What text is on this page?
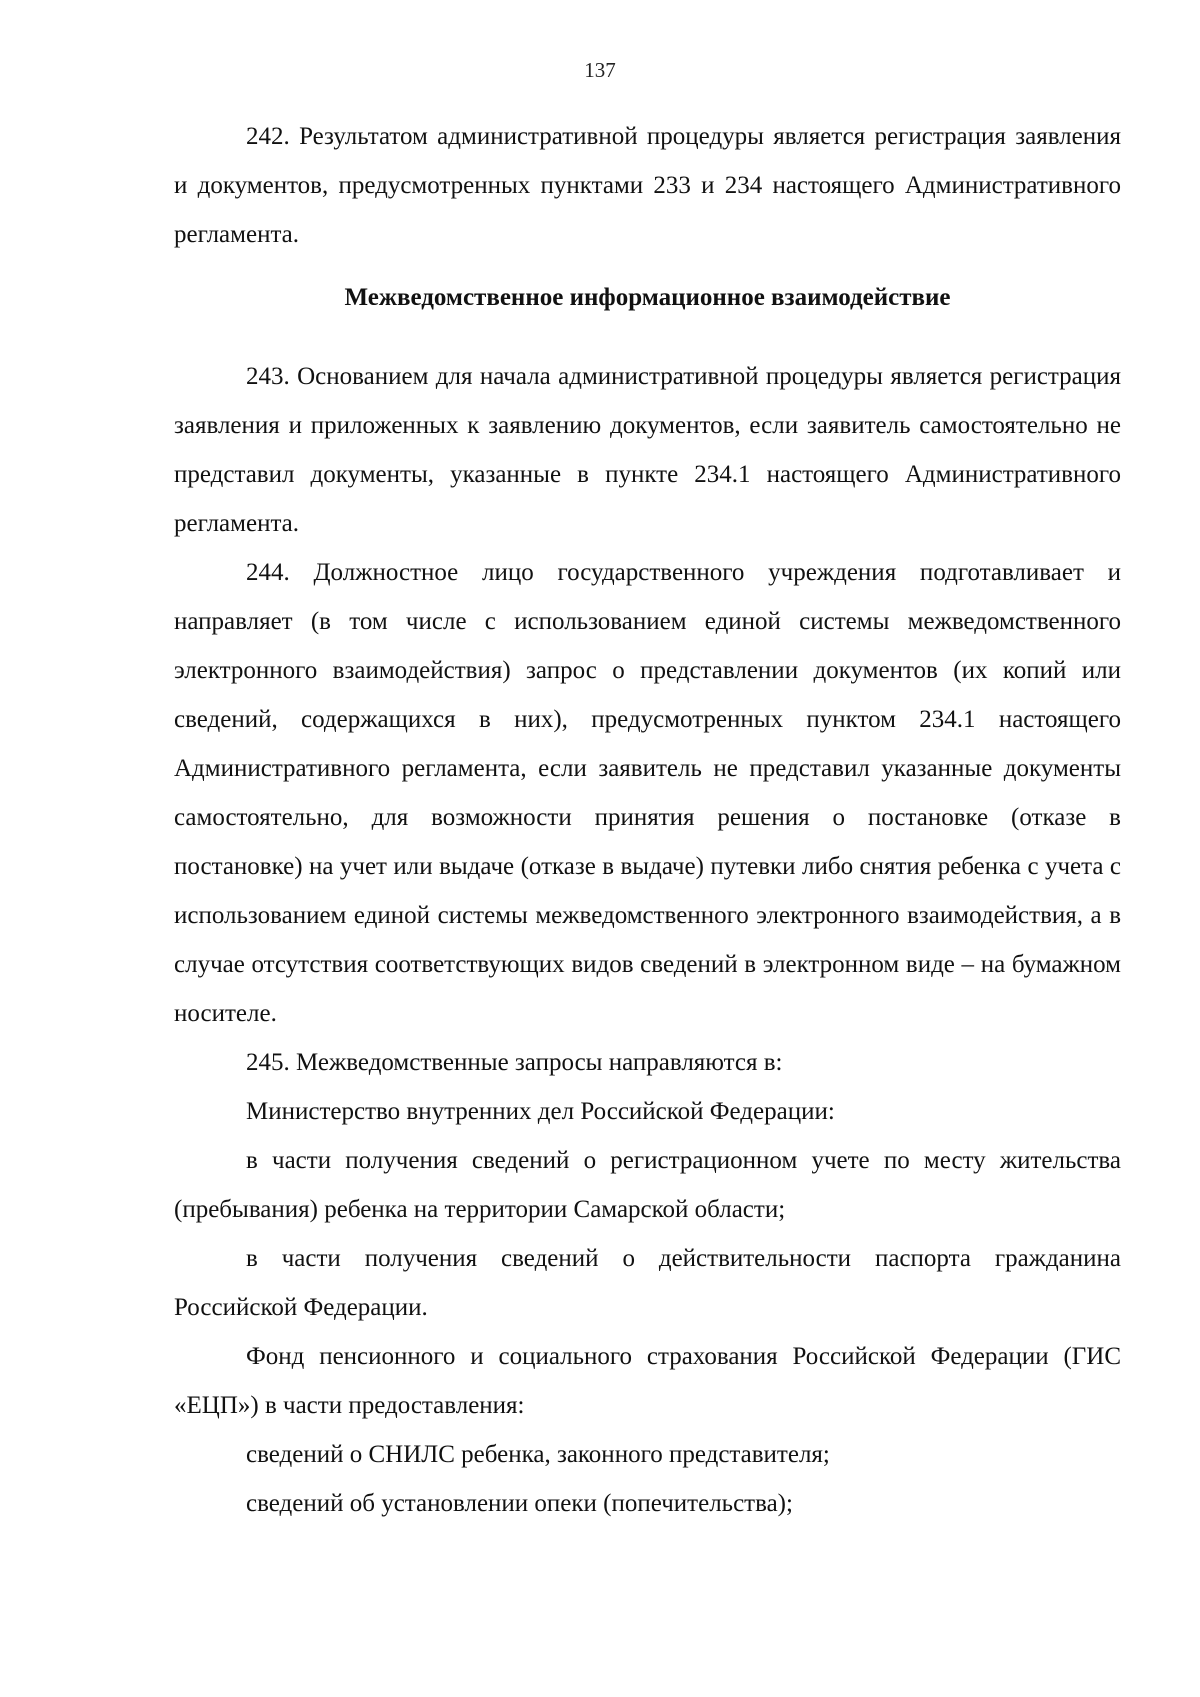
137

242. Результатом административной процедуры является регистрация заявления и документов, предусмотренных пунктами 233 и 234 настоящего Административного регламента.

Межведомственное информационное взаимодействие

243. Основанием для начала административной процедуры является регистрация заявления и приложенных к заявлению документов, если заявитель самостоятельно не представил документы, указанные в пункте 234.1 настоящего Административного регламента.

244. Должностное лицо государственного учреждения подготавливает и направляет (в том числе с использованием единой системы межведомственного электронного взаимодействия) запрос о представлении документов (их копий или сведений, содержащихся в них), предусмотренных пунктом 234.1 настоящего Административного регламента, если заявитель не представил указанные документы самостоятельно, для возможности принятия решения о постановке (отказе в постановке) на учет или выдаче (отказе в выдаче) путевки либо снятия ребенка с учета с использованием единой системы межведомственного электронного взаимодействия, а в случае отсутствия соответствующих видов сведений в электронном виде – на бумажном носителе.

245. Межведомственные запросы направляются в:

Министерство внутренних дел Российской Федерации:

в части получения сведений о регистрационном учете по месту жительства (пребывания) ребенка на территории Самарской области;

в части получения сведений о действительности паспорта гражданина Российской Федерации.

Фонд пенсионного и социального страхования Российской Федерации (ГИС «ЕЦП») в части предоставления:

сведений о СНИЛС ребенка, законного представителя;

сведений об установлении опеки (попечительства);
